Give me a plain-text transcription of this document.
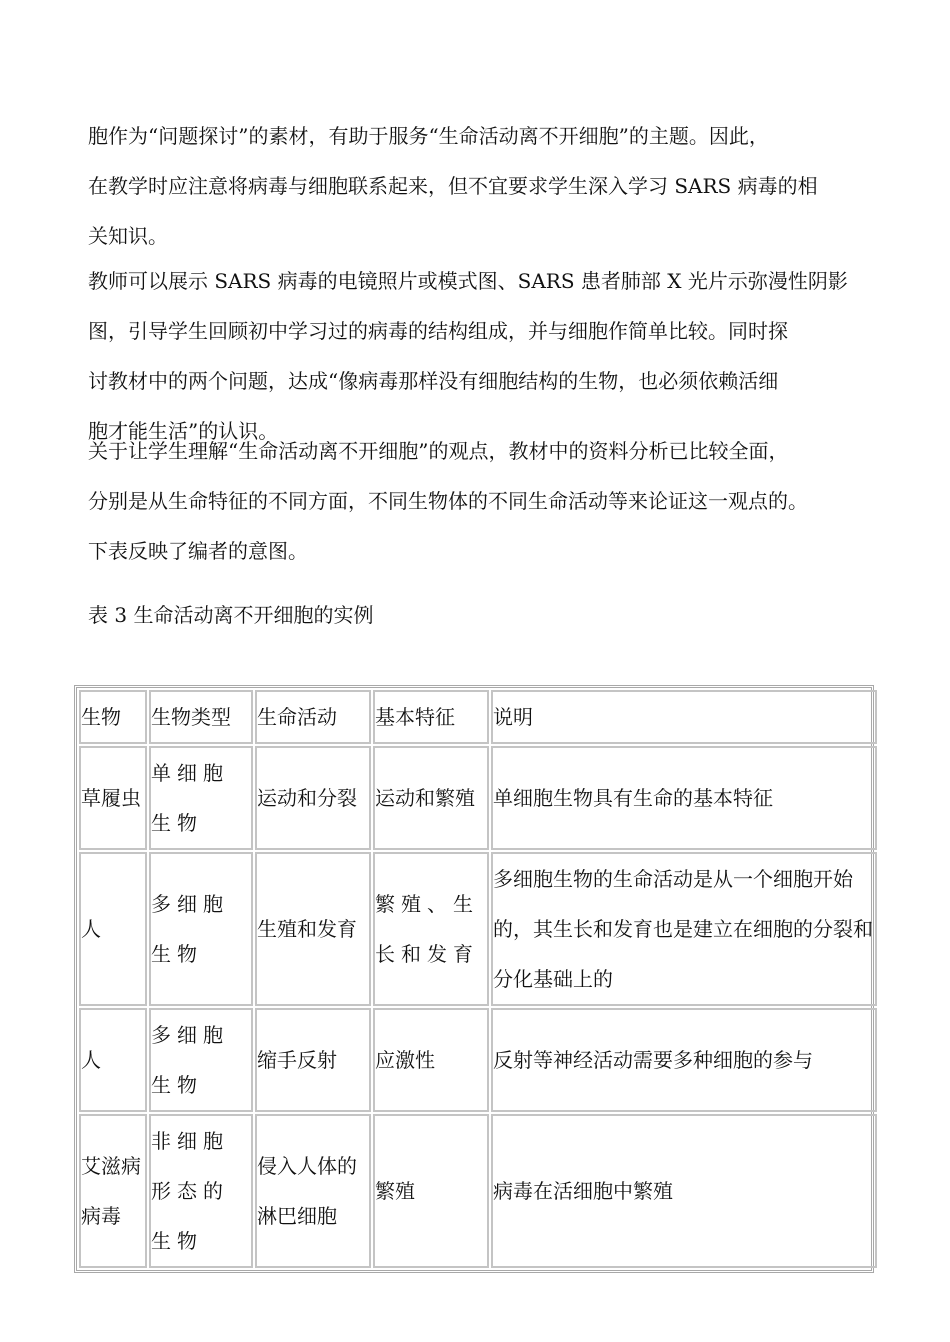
胞作为“问题探讨”的素材，有助于服务“生命活动离不开细胞”的主题。因此，
在教学时应注意将病毒与细胞联系起来，但不宜要求学生深入学习 SARS 病毒的相
关知识。
教师可以展示 SARS 病毒的电镜照片或模式图、SARS 患者肺部 X 光片示弥漫性阴影
图，引导学生回顾初中学习过的病毒的结构组成，并与细胞作简单比较。同时探
讨教材中的两个问题，达成“像病毒那样没有细胞结构的生物，也必须依赖活细
胞才能生活”的认识。
关于让学生理解“生命活动离不开细胞”的观点，教材中的资料分析已比较全面，
分别是从生命特征的不同方面，不同生物体的不同生命活动等来论证这一观点的。
下表反映了编者的意图。

表 3 生命活动离不开细胞的实例

生物	生物类型	生命活动	基本特征	说明
草履虫	单细胞生物	运动和分裂	运动和繁殖	单细胞生物具有生命的基本特征
人	多细胞生物	生殖和发育	繁殖、生长和发育	多细胞生物的生命活动是从一个细胞开始的，其生长和发育也是建立在细胞的分裂和分化基础上的
人	多细胞生物	缩手反射	应激性	反射等神经活动需要多种细胞的参与
艾滋病病毒	非细胞形态的生物	侵入人体的淋巴细胞	繁殖	病毒在活细胞中繁殖
